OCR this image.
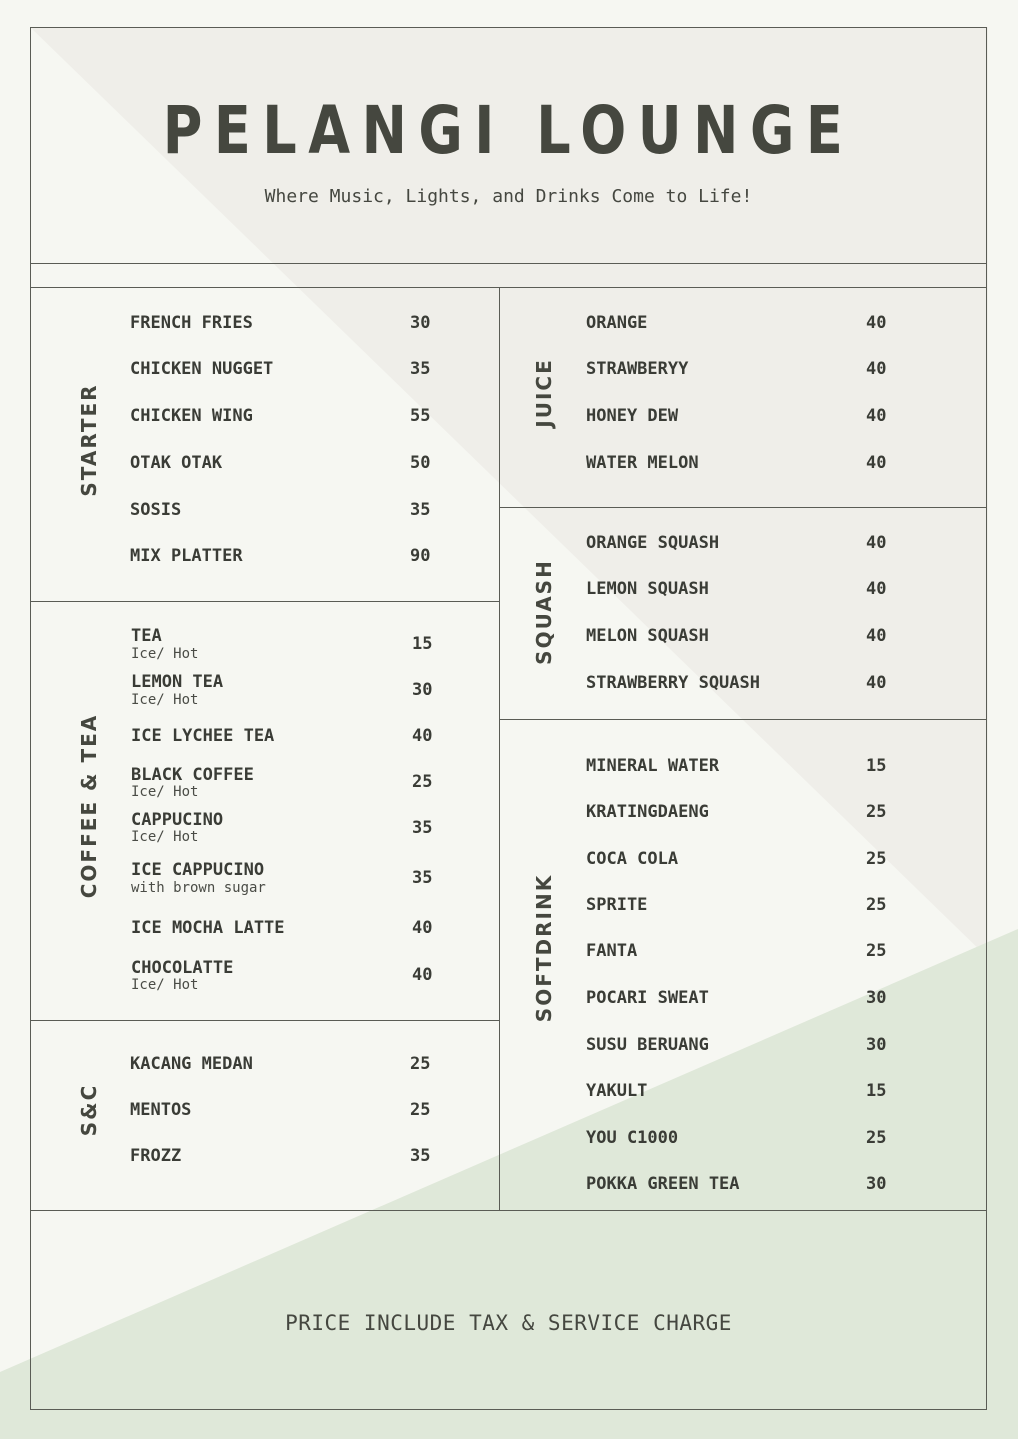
PELANGI LOUNGE
Where Music, Lights, and Drinks Come to Life!
STARTER
COFFEE & TEA
S&C
JUICE
SQUASH
SOFTDRINK
FRENCH FRIES	30
CHICKEN NUGGET	35
CHICKEN WING	55
OTAK OTAK	50
SOSIS	35
MIX PLATTER	90
TEA
Ice/ Hot	15
LEMON TEA
Ice/ Hot	30
ICE LYCHEE TEA	40
BLACK COFFEE
Ice/ Hot	25
CAPPUCINO
Ice/ Hot	35
ICE CAPPUCINO
with brown sugar	35
ICE MOCHA LATTE	40
CHOCOLATTE
Ice/ Hot	40
KACANG MEDAN	25
MENTOS	25
FROZZ	35
ORANGE	40
STRAWBERYY	40
HONEY DEW	40
WATER MELON	40
ORANGE SQUASH	40
LEMON SQUASH	40
MELON SQUASH	40
STRAWBERRY SQUASH	40
MINERAL WATER	15
KRATINGDAENG	25
COCA COLA	25
SPRITE	25
FANTA	25
POCARI SWEAT	30
SUSU BERUANG	30
YAKULT	15
YOU C1000	25
POKKA GREEN TEA	30
PRICE INCLUDE TAX & SERVICE CHARGE
